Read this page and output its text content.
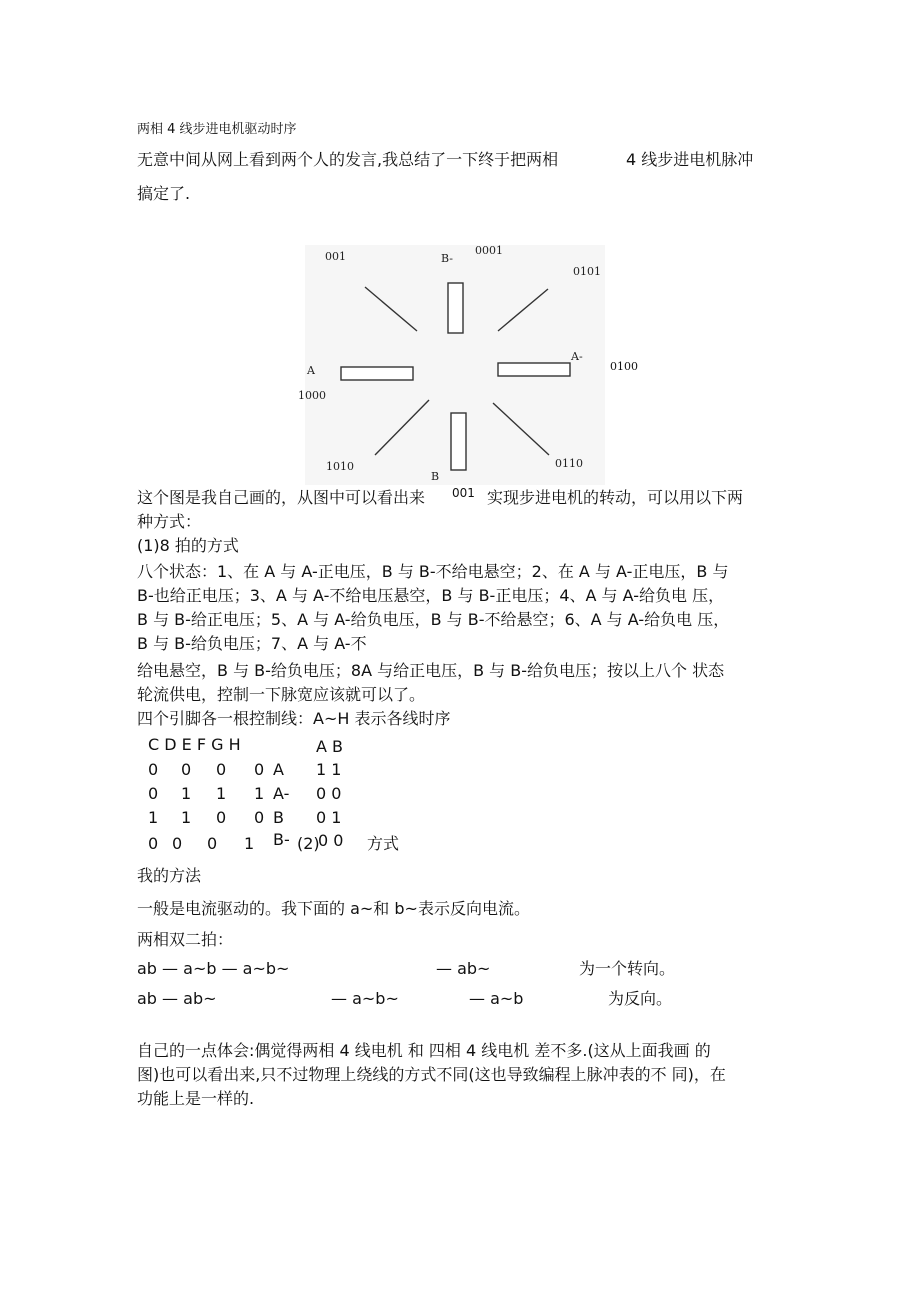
两相 4 线步进电机驱动时序
无意中间从网上看到两个人的发言,我总结了一下终于把两相	4 线步进电机脉冲
搞定了.
001	B-
0001
0101
A-
A
1000
1010
B
0110
0100
这个图是我自己画的，从图中可以看出来 001 实现步进电机的转动，可以用以下两
种方式：
(1)8 拍的方式
八个状态：1、在 A 与 A-正电压，B 与 B-不给电悬空；2、在 A 与 A-正电压，B 与
B-也给正电压；3、A 与 A-不给电压悬空，B 与 B-正电压；4、A 与 A-给负电 压，
B 与 B-给正电压；5、A 与 A-给负电压，B 与 B-不给悬空；6、A 与 A-给负电 压，
B 与 B-给负电压；7、A 与 A-不
给电悬空，B 与 B-给负电压；8A 与给正电压，B 与 B-给负电压；按以上八个 状态
轮流供电，控制一下脉宽应该就可以了。
四个引脚各一根控制线：A~H 表示各线时序
C D E F G H	A B
0 0 0 0 A 1 1
0 1 1 1 A- 0 0
1 1 0 0 B 0 1
0 0 0 1 B- 0 0
(2)	方式
我的方法
一般是电流驱动的。我下面的 a~和 b~表示反向电流。
两相双二拍：
ab — a~b — a~b~	— ab~	为一个转向。
ab — ab~	— a~b~	— a~b	为反向。
自己的一点体会:偶觉得两相 4 线电机 和 四相 4 线电机 差不多.(这从上面我画 的
图)也可以看出来,只不过物理上绕线的方式不同(这也导致编程上脉冲表的不 同)，在
功能上是一样的.
